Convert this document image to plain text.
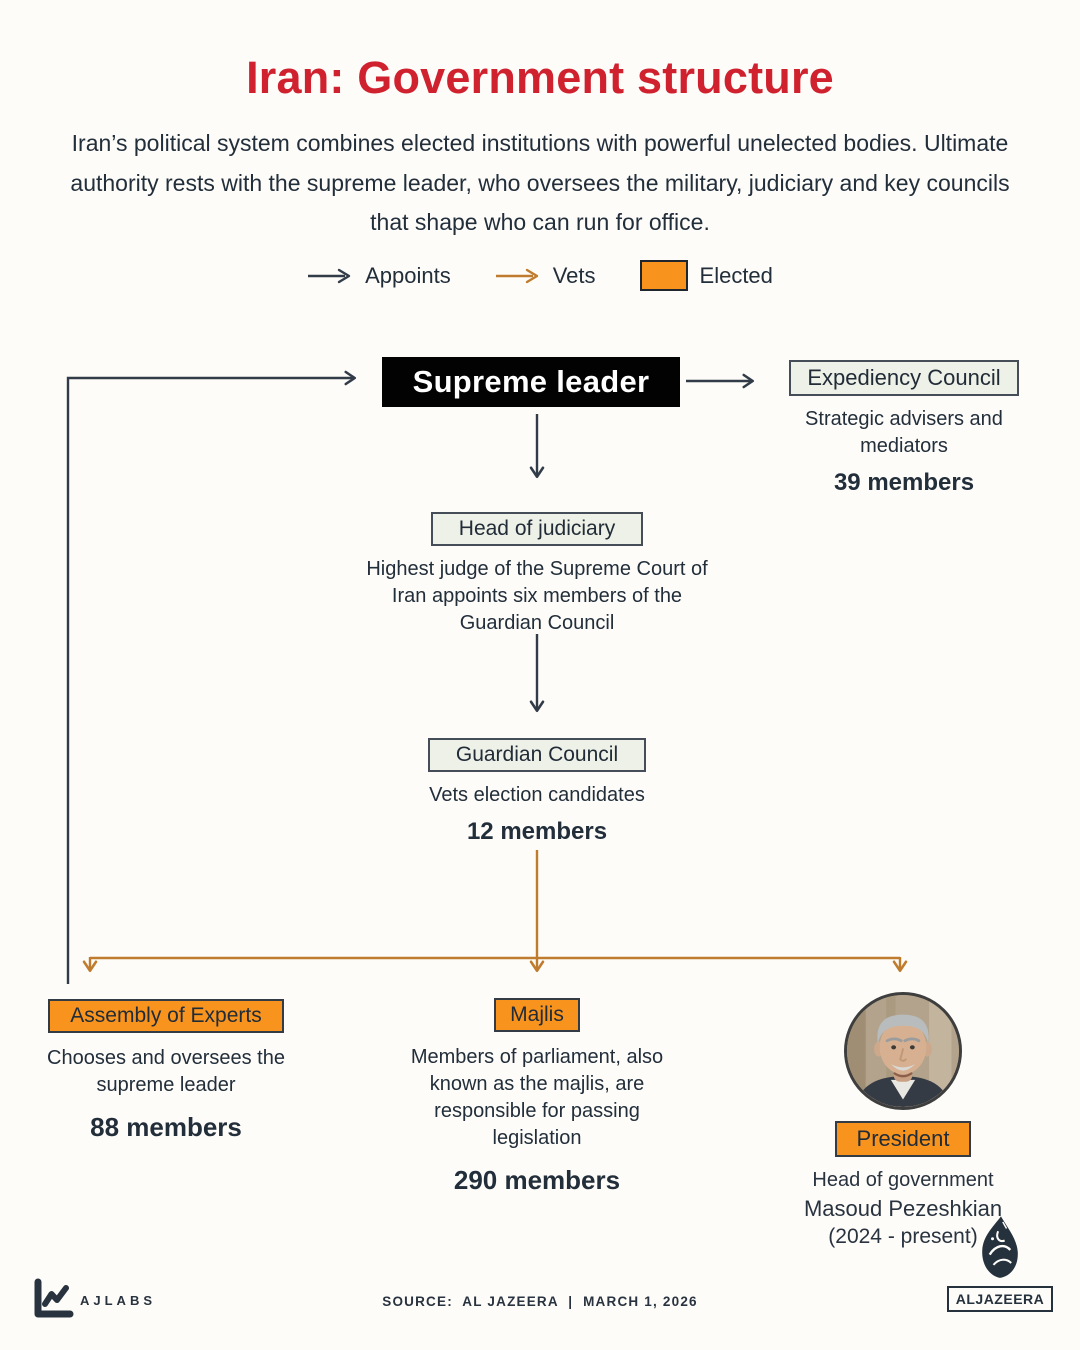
Iran: Government structure
Iran’s political system combines elected institutions with powerful unelected bodies. Ultimate authority rests with the supreme leader, who oversees the military, judiciary and key councils that shape who can run for office.
Appoints	Vets	Elected
Supreme leader	Expediency Council
Strategic advisers and mediators
39 members
Head of judiciary
Highest judge of the Supreme Court of Iran appoints six members of the Guardian Council
Guardian Council
Vets election candidates
12 members
Assembly of Experts
Chooses and oversees the supreme leader
88 members
Majlis
Members of parliament, also known as the majlis, are responsible for passing legislation
290 members
President
Head of government
Masoud Pezeshkian
(2024 - present)
AJLABS	SOURCE:  AL JAZEERA  |  MARCH 1, 2026	ALJAZEERA
